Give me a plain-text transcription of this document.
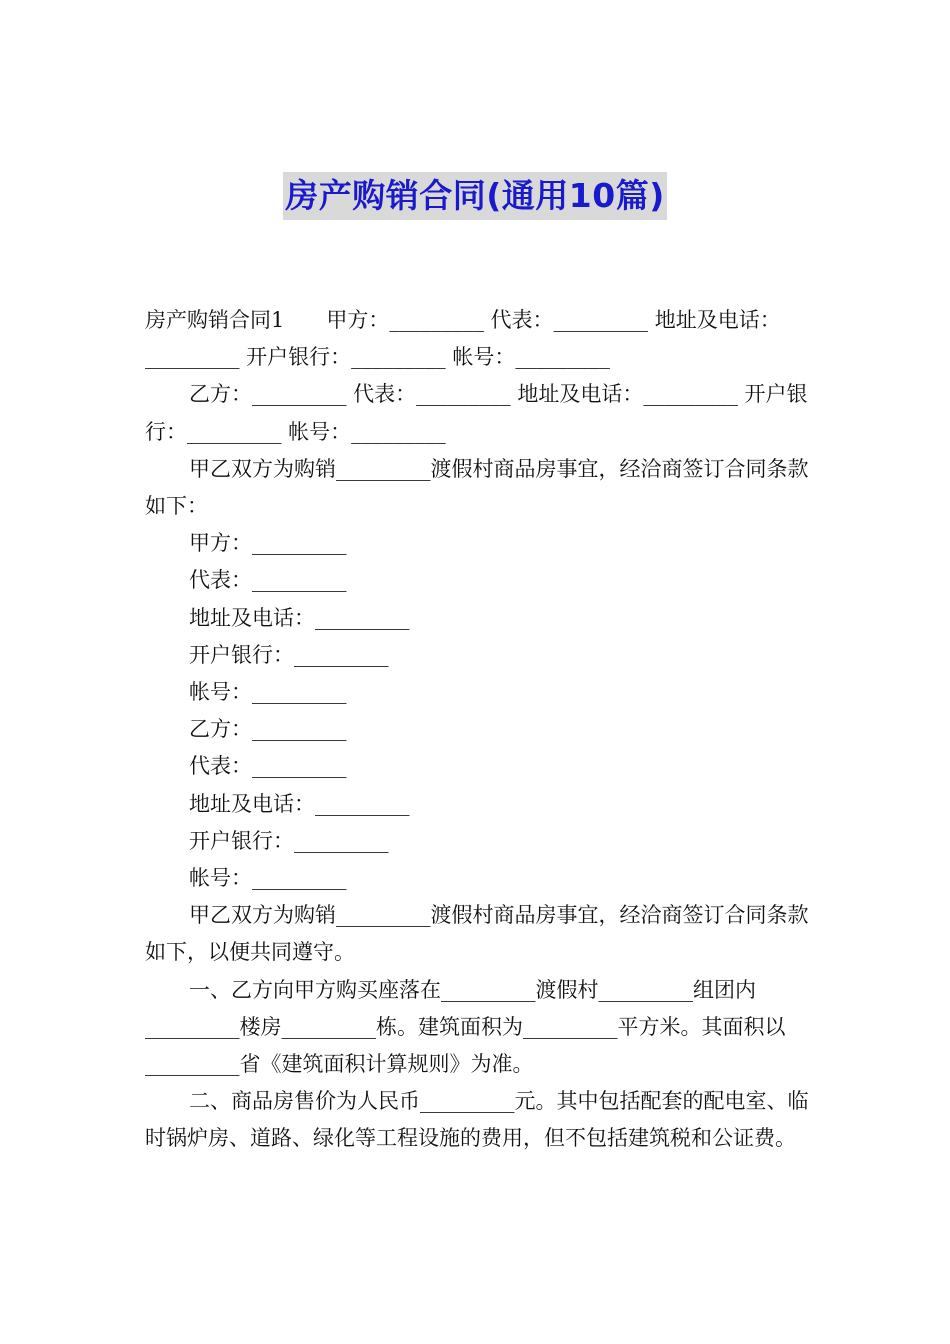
房产购销合同(通用10篇)

房产购销合同1　　甲方：_________ 代表：_________ 地址及电话：_________ 开户银行：_________ 帐号：_________

乙方：_________ 代表：_________ 地址及电话：_________ 开户银行：_________ 帐号：_________

甲乙双方为购销_________渡假村商品房事宜，经洽商签订合同条款如下：

甲方：_________

代表：_________

地址及电话：_________

开户银行：_________

帐号：_________

乙方：_________

代表：_________

地址及电话：_________

开户银行：_________

帐号：_________

甲乙双方为购销_________渡假村商品房事宜，经洽商签订合同条款如下，以便共同遵守。

一、乙方向甲方购买座落在_________渡假村_________组团内_________楼房_________栋。建筑面积为_________平方米。其面积以_________省《建筑面积计算规则》为准。

二、商品房售价为人民币_________元。其中包括配套的配电室、临时锅炉房、道路、绿化等工程设施的费用，但不包括建筑税和公证费。
